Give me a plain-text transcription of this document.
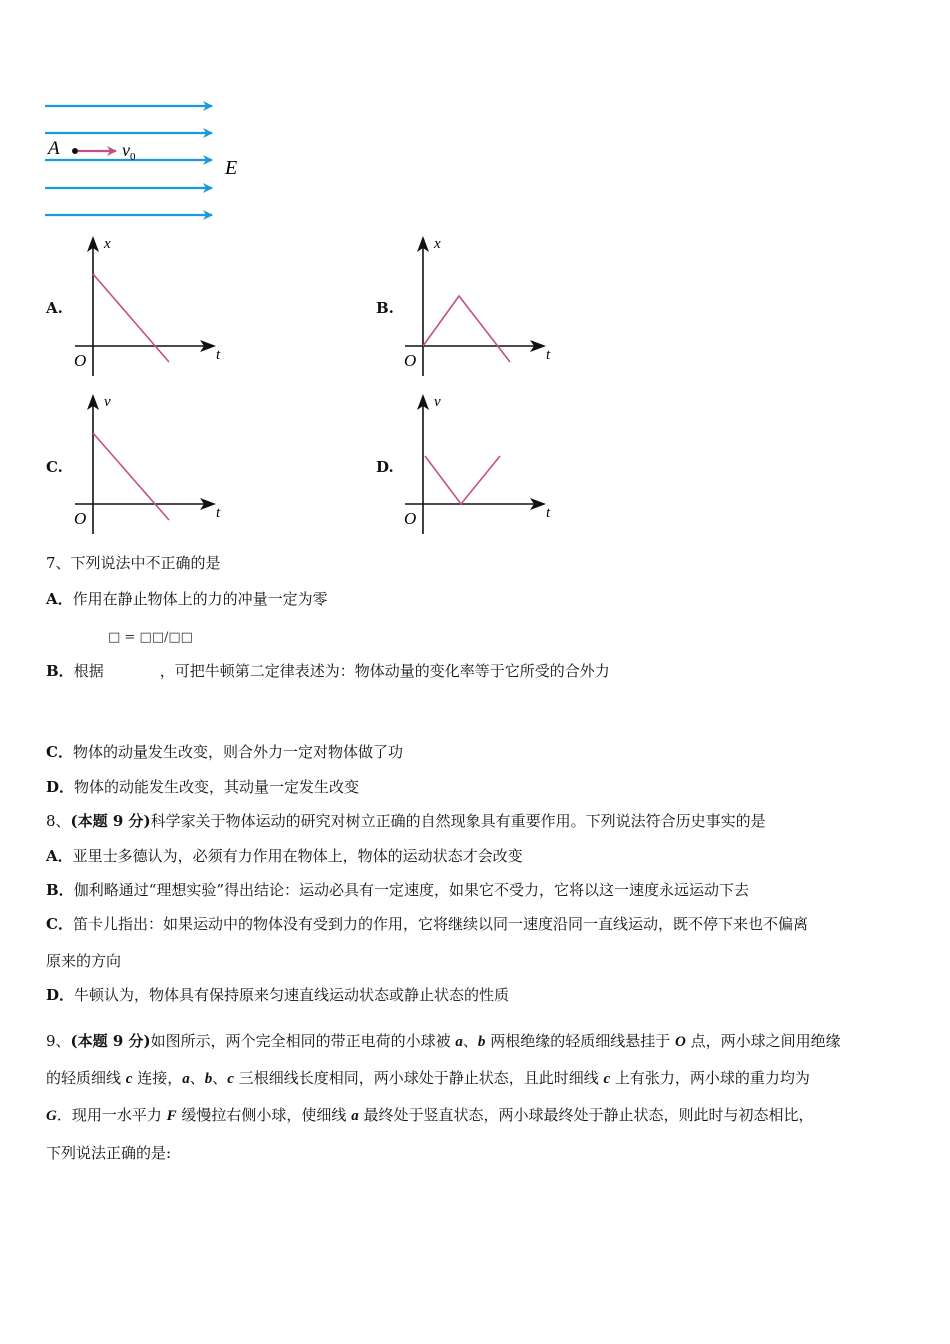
A	$v_0$	E
A.
x
t
O
B.
x
t
O
C.
v
t
O
D.
v
t
O
7、下列说法中不正确的是
A．作用在静止物体上的力的冲量一定为零
□ = □□/□□
B．根据	，可把牛顿第二定律表述为：物体动量的变化率等于它所受的合外力
C．物体的动量发生改变，则合外力一定对物体做了功
D．物体的动能发生改变，其动量一定发生改变
8、(本题 9 分)科学家关于物体运动的研究对树立正确的自然现象具有重要作用。下列说法符合历史事实的是
A．亚里士多德认为，必须有力作用在物体上，物体的运动状态才会改变
B．伽利略通过“理想实验”得出结论：运动必具有一定速度，如果它不受力，它将以这一速度永远运动下去
C．笛卡儿指出：如果运动中的物体没有受到力的作用，它将继续以同一速度沿同一直线运动，既不停下来也不偏离
原来的方向
D．牛顿认为，物体具有保持原来匀速直线运动状态或静止状态的性质
9、(本题 9 分)如图所示，两个完全相同的带正电荷的小球被 a、b 两根绝缘的轻质细线悬挂于 O 点，两小球之间用绝缘
的轻质细线 c 连接，a、b、c 三根细线长度相同，两小球处于静止状态，且此时细线 c 上有张力，两小球的重力均为
G．现用一水平力 F 缓慢拉右侧小球，使细线 a 最终处于竖直状态，两小球最终处于静止状态，则此时与初态相比，
下列说法正确的是:
